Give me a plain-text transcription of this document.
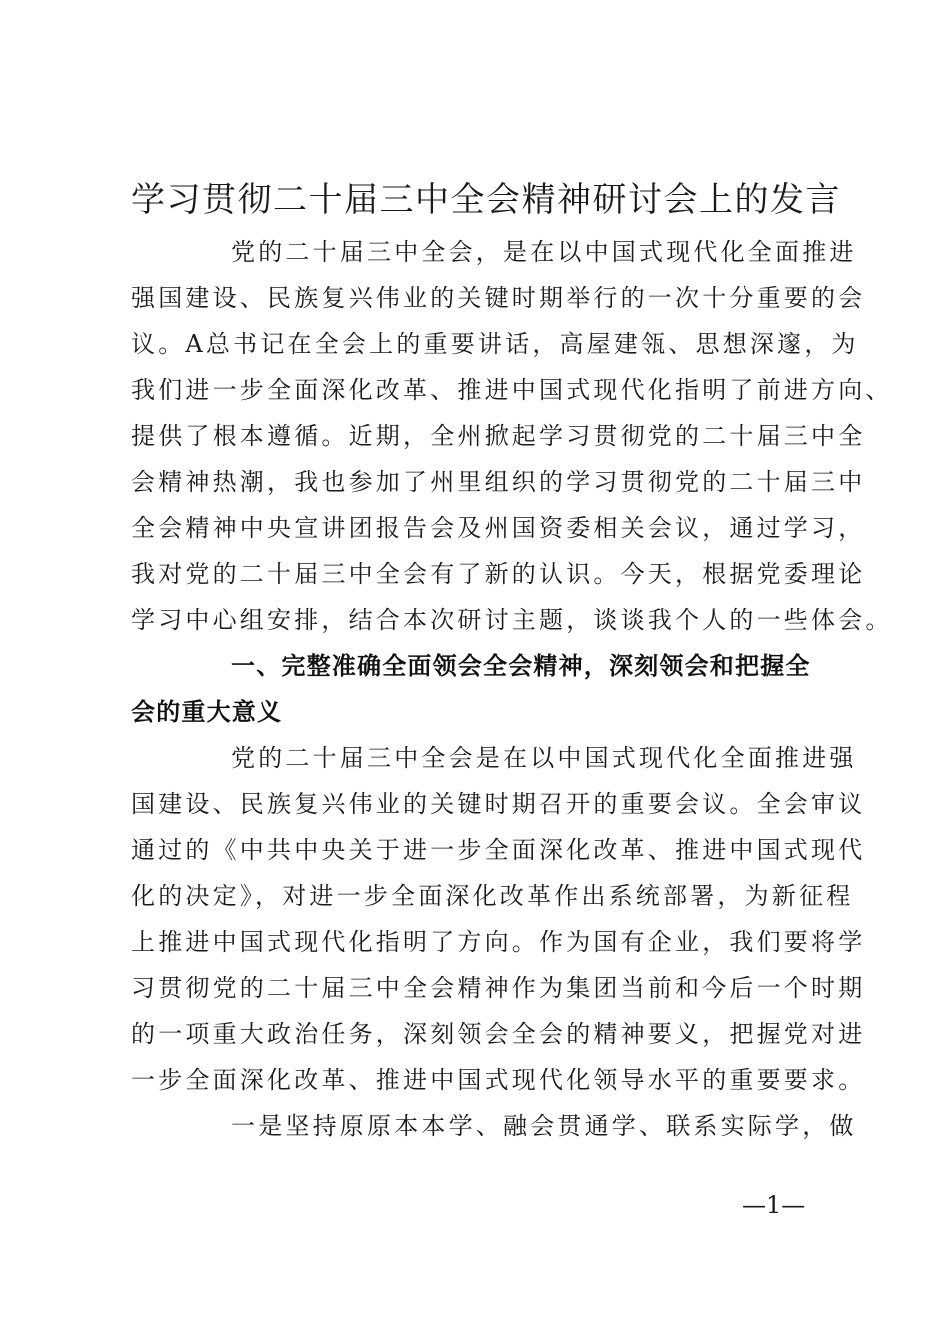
学习贯彻二十届三中全会精神研讨会上的发言
党的二十届三中全会，是在以中国式现代化全面推进
强国建设、民族复兴伟业的关键时期举行的一次十分重要的会
议。A总书记在全会上的重要讲话，高屋建瓴、思想深邃，为
我们进一步全面深化改革、推进中国式现代化指明了前进方向、
提供了根本遵循。近期，全州掀起学习贯彻党的二十届三中全
会精神热潮，我也参加了州里组织的学习贯彻党的二十届三中
全会精神中央宣讲团报告会及州国资委相关会议，通过学习，
我对党的二十届三中全会有了新的认识。今天，根据党委理论
学习中心组安排，结合本次研讨主题，谈谈我个人的一些体会。
一、完整准确全面领会全会精神，深刻领会和把握全
会的重大意义
党的二十届三中全会是在以中国式现代化全面推进强
国建设、民族复兴伟业的关键时期召开的重要会议。全会审议
通过的《中共中央关于进一步全面深化改革、推进中国式现代
化的决定》，对进一步全面深化改革作出系统部署，为新征程
上推进中国式现代化指明了方向。作为国有企业，我们要将学
习贯彻党的二十届三中全会精神作为集团当前和今后一个时期
的一项重大政治任务，深刻领会全会的精神要义，把握党对进
一步全面深化改革、推进中国式现代化领导水平的重要要求。
一是坚持原原本本学、融会贯通学、联系实际学，做
—1—
